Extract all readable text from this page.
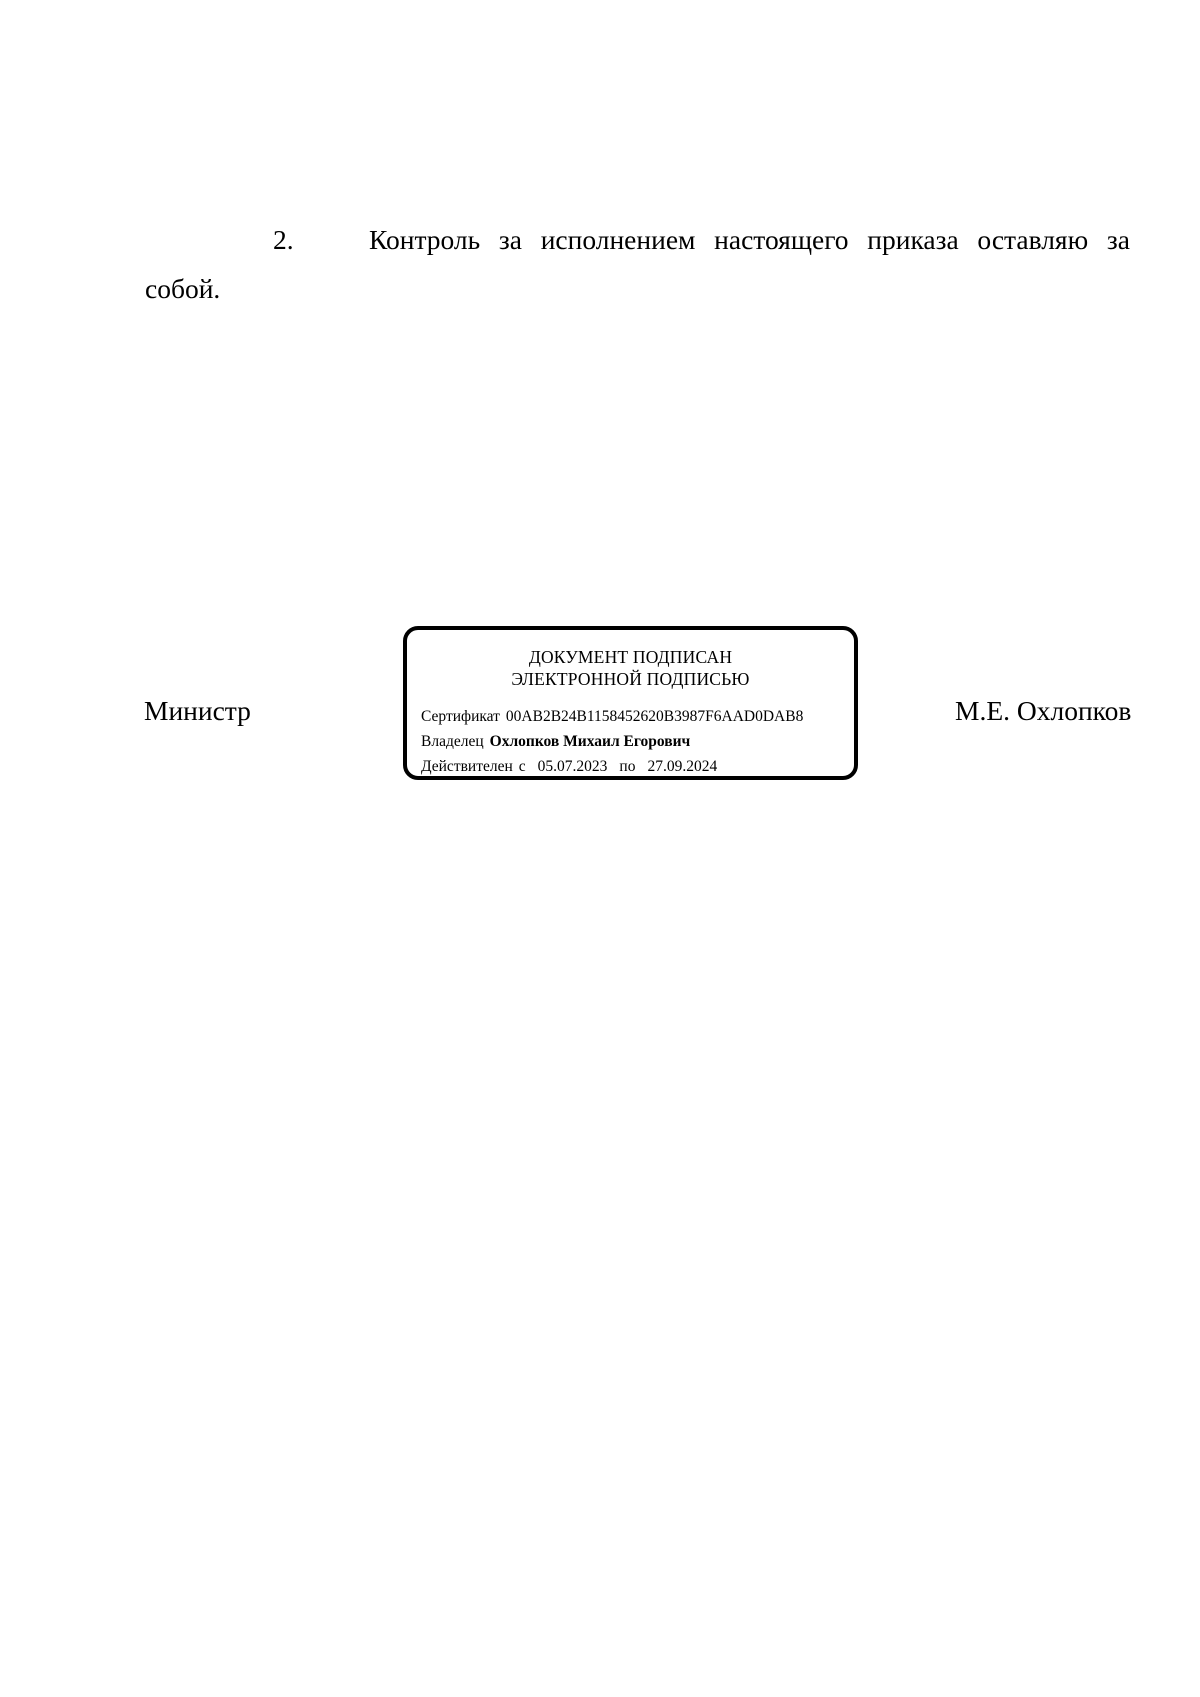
2.	Контроль за исполнением настоящего приказа оставляю за
собой.
Министр
ДОКУМЕНТ ПОДПИСАН
ЭЛЕКТРОННОЙ ПОДПИСЬЮ
Сертификат 00AB2B24B1158452620B3987F6AAD0DAB8
Владелец Охлопков Михаил Егорович
Действителен с 05.07.2023 по 27.09.2024
М.Е. Охлопков
